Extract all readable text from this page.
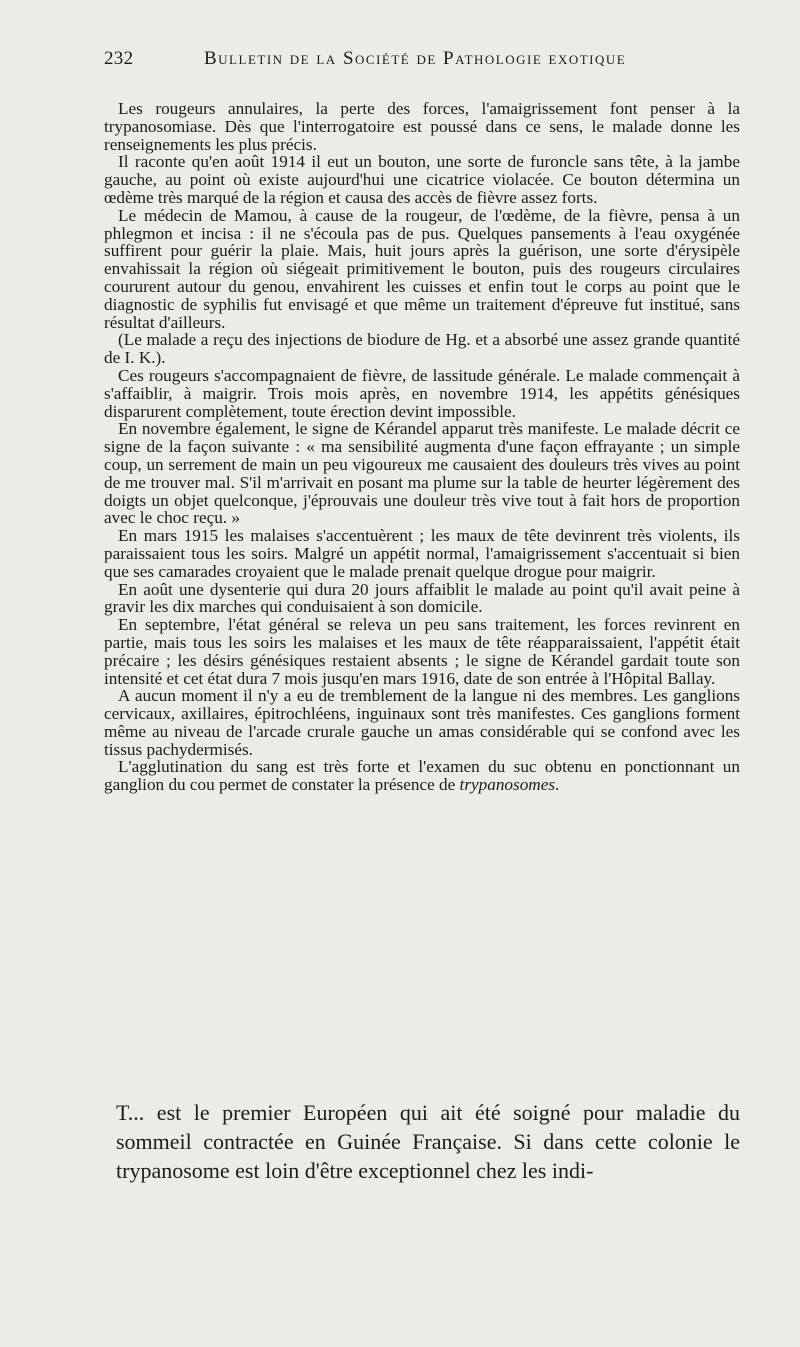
232	Bulletin de la Société de Pathologie exotique

Les rougeurs annulaires, la perte des forces, l'amaigrissement font penser à la trypanosomiase. Dès que l'interrogatoire est poussé dans ce sens, le malade donne les renseignements les plus précis.

Il raconte qu'en août 1914 il eut un bouton, une sorte de furoncle sans tête, à la jambe gauche, au point où existe aujourd'hui une cicatrice violacée. Ce bouton détermina un œdème très marqué de la région et causa des accès de fièvre assez forts.

Le médecin de Mamou, à cause de la rougeur, de l'œdème, de la fièvre, pensa à un phlegmon et incisa : il ne s'écoula pas de pus. Quelques pansements à l'eau oxygénée suffirent pour guérir la plaie. Mais, huit jours après la guérison, une sorte d'érysipèle envahissait la région où siégeait primitivement le bouton, puis des rougeurs circulaires coururent autour du genou, envahirent les cuisses et enfin tout le corps au point que le diagnostic de syphilis fut envisagé et que même un traitement d'épreuve fut institué, sans résultat d'ailleurs.

(Le malade a reçu des injections de biodure de Hg. et a absorbé une assez grande quantité de I. K.).

Ces rougeurs s'accompagnaient de fièvre, de lassitude générale. Le malade commençait à s'affaiblir, à maigrir. Trois mois après, en novembre 1914, les appétits génésiques disparurent complètement, toute érection devint impossible.

En novembre également, le signe de Kérandel apparut très manifeste. Le malade décrit ce signe de la façon suivante : « ma sensibilité augmenta d'une façon effrayante ; un simple coup, un serrement de main un peu vigoureux me causaient des douleurs très vives au point de me trouver mal. S'il m'arrivait en posant ma plume sur la table de heurter légèrement des doigts un objet quelconque, j'éprouvais une douleur très vive tout à fait hors de proportion avec le choc reçu. »

En mars 1915 les malaises s'accentuèrent ; les maux de tête devinrent très violents, ils paraissaient tous les soirs. Malgré un appétit normal, l'amaigrissement s'accentuait si bien que ses camarades croyaient que le malade prenait quelque drogue pour maigrir.

En août une dysenterie qui dura 20 jours affaiblit le malade au point qu'il avait peine à gravir les dix marches qui conduisaient à son domicile.

En septembre, l'état général se releva un peu sans traitement, les forces revinrent en partie, mais tous les soirs les malaises et les maux de tête réapparaissaient, l'appétit était précaire ; les désirs génésiques restaient absents ; le signe de Kérandel gardait toute son intensité et cet état dura 7 mois jusqu'en mars 1916, date de son entrée à l'Hôpital Ballay.

A aucun moment il n'y a eu de tremblement de la langue ni des membres. Les ganglions cervicaux, axillaires, épitrochléens, inguinaux sont très manifestes. Ces ganglions forment même au niveau de l'arcade crurale gauche un amas considérable qui se confond avec les tissus pachydermisés.

L'agglutination du sang est très forte et l'examen du suc obtenu en ponctionnant un ganglion du cou permet de constater la présence de trypanosomes.

T... est le premier Européen qui ait été soigné pour maladie du sommeil contractée en Guinée Française. Si dans cette colonie le trypanosome est loin d'être exceptionnel chez les indi-
